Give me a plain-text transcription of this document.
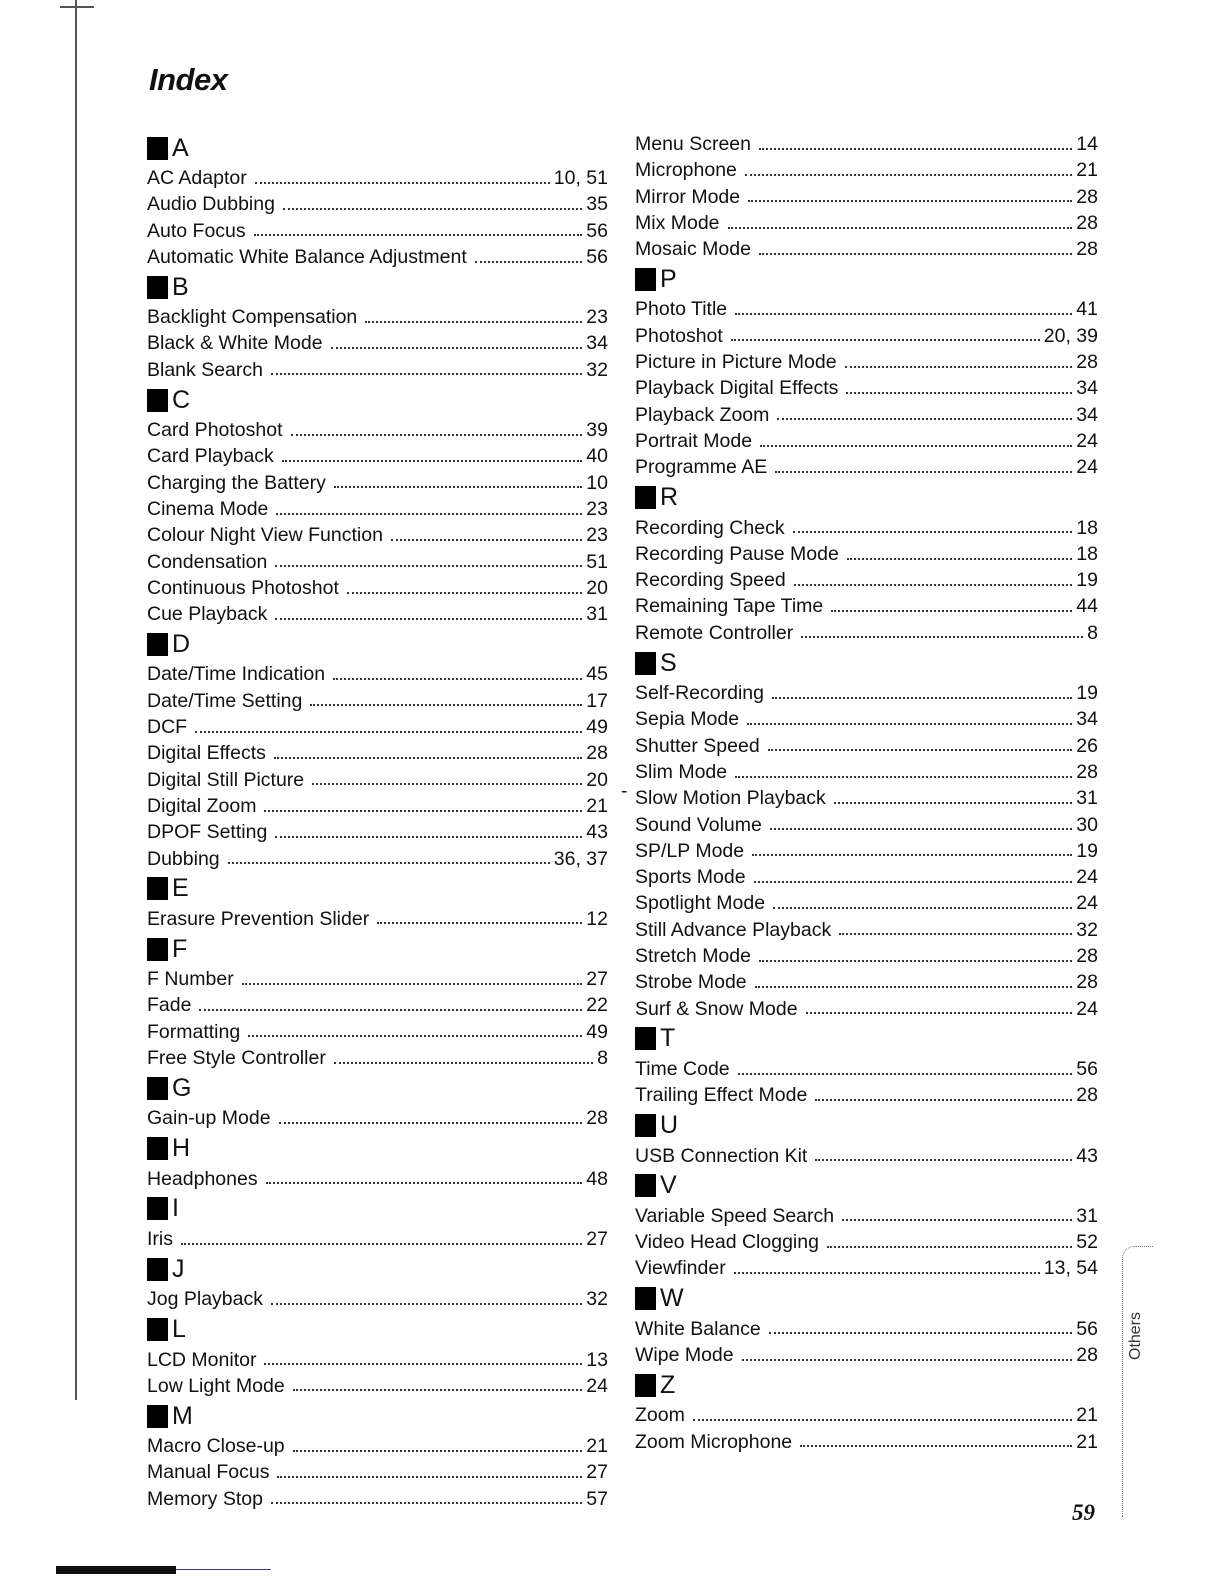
Index
A
AC Adaptor	10, 51
Audio Dubbing	35
Auto Focus	56
Automatic White Balance Adjustment	56
B
Backlight Compensation	23
Black & White Mode	34
Blank Search	32
C
Card Photoshot	39
Card Playback	40
Charging the Battery	10
Cinema Mode	23
Colour Night View Function	23
Condensation	51
Continuous Photoshot	20
Cue Playback	31
D
Date/Time Indication	45
Date/Time Setting	17
DCF	49
Digital Effects	28
Digital Still Picture	20
Digital Zoom	21
DPOF Setting	43
Dubbing	36, 37
E
Erasure Prevention Slider	12
F
F Number	27
Fade	22
Formatting	49
Free Style Controller	8
G
Gain-up Mode	28
H
Headphones	48
I
Iris	27
J
Jog Playback	32
L
LCD Monitor	13
Low Light Mode	24
M
Macro Close-up	21
Manual Focus	27
Memory Stop	57
Menu Screen	14
Microphone	21
Mirror Mode	28
Mix Mode	28
Mosaic Mode	28
P
Photo Title	41
Photoshot	20, 39
Picture in Picture Mode	28
Playback Digital Effects	34
Playback Zoom	34
Portrait Mode	24
Programme AE	24
R
Recording Check	18
Recording Pause Mode	18
Recording Speed	19
Remaining Tape Time	44
Remote Controller	8
S
Self-Recording	19
Sepia Mode	34
Shutter Speed	26
Slim Mode	28
Slow Motion Playback	31
Sound Volume	30
SP/LP Mode	19
Sports Mode	24
Spotlight Mode	24
Still Advance Playback	32
Stretch Mode	28
Strobe Mode	28
Surf & Snow Mode	24
T
Time Code	56
Trailing Effect Mode	28
U
USB Connection Kit	43
V
Variable Speed Search	31
Video Head Clogging	52
Viewfinder	13, 54
W
White Balance	56
Wipe Mode	28
Z
Zoom	21
Zoom Microphone	21
-
Others
59
